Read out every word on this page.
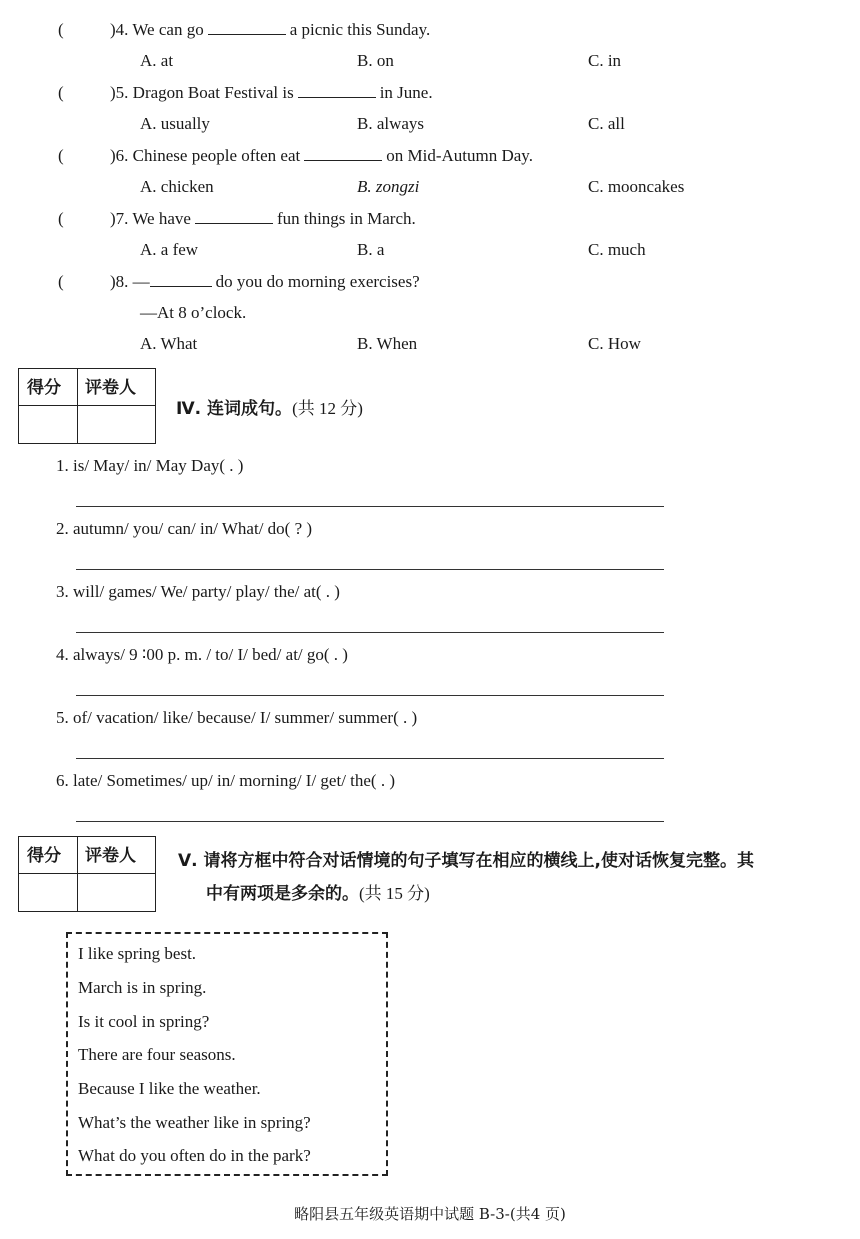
(	)4. We can go	a picnic this Sunday.
A. at	B. on	C. in
(	)5. Dragon Boat Festival is	in June.
A. usually	B. always	C. all
(	)6. Chinese people often eat	on Mid-Autumn Day.
A. chicken	B. zongzi	C. mooncakes
(	)7. We have	fun things in March.
A. a few	B. a	C. much
(	)8. —	do you do morning exercises?
—At 8 o’clock.
A. What	B. When	C. How
得分 评卷人
Ⅳ. 连词成句。(共 12 分)
1. is/ May/ in/ May Day( . )
2. autumn/ you/ can/ in/ What/ do( ? )
3. will/ games/ We/ party/ play/ the/ at( . )
4. always/ 9 ∶00 p. m. / to/ I/ bed/ at/ go( . )
5. of/ vacation/ like/ because/ I/ summer/ summer( . )
6. late/ Sometimes/ up/ in/ morning/ I/ get/ the( . )
得分 评卷人 Ⅴ. 请将方框中符合对话情境的句子填写在相应的横线上,使对话恢复完整。其
中有两项是多余的。(共 15 分)
I like spring best.
March is in spring.
Is it cool in spring?
There are four seasons.
Because I like the weather.
What’s the weather like in spring?
What do you often do in the park?
略阳县五年级英语期中试题 B-3-(共4 页)
